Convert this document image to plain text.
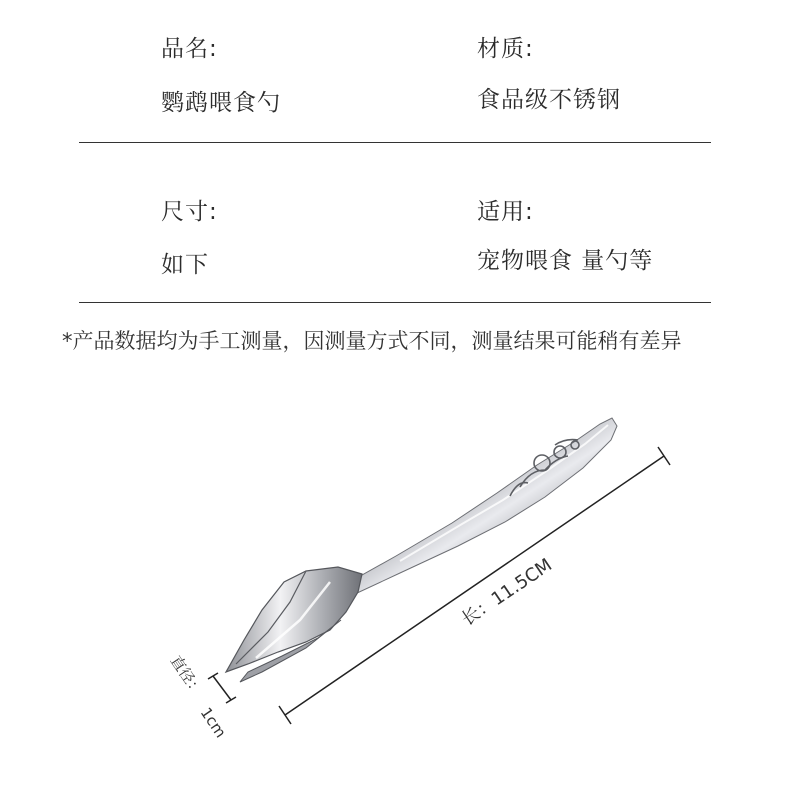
品名:
鹦鹉喂食勺
材质:
食品级不锈钢
尺寸:
如下
适用:
宠物喂食 量勺等
*产品数据均为手工测量，因测量方式不同，测量结果可能稍有差异
长：11.5CM
直径：
1cm
